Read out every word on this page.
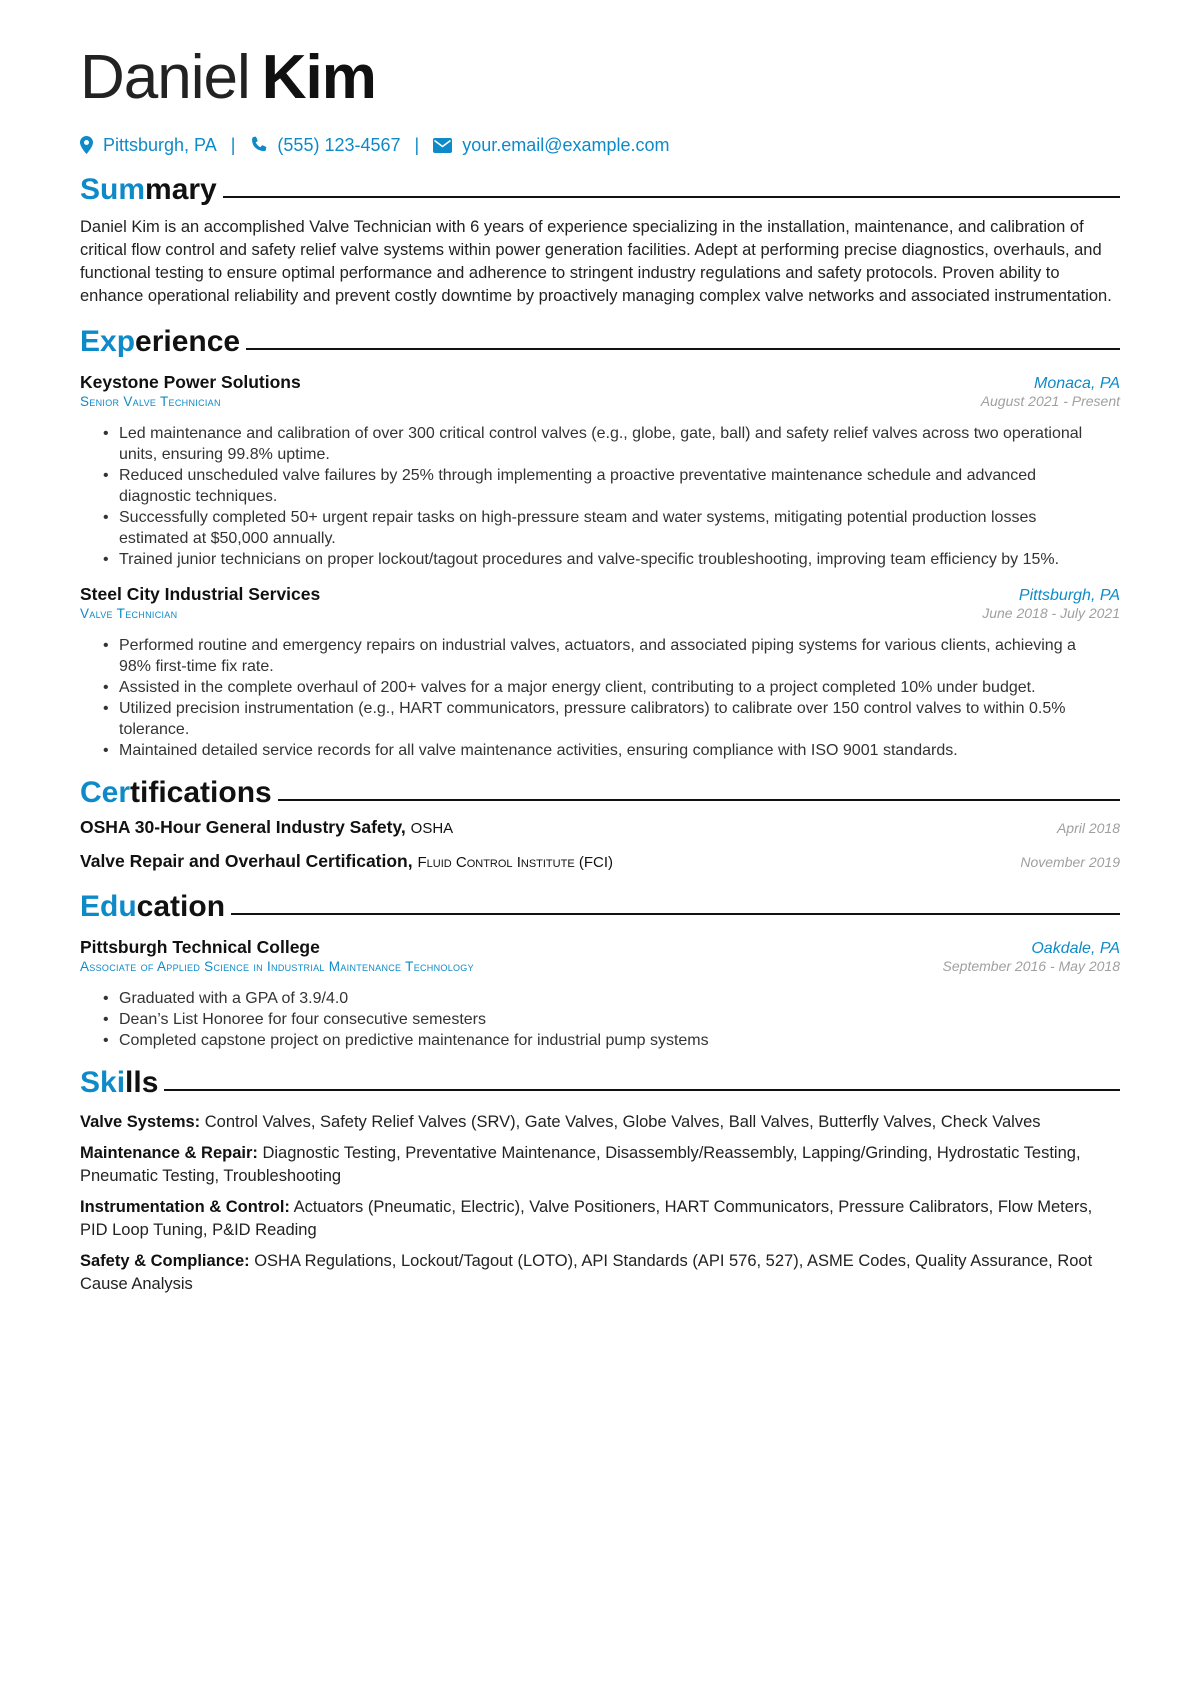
Daniel Kim
Pittsburgh, PA | (555) 123-4567 | your.email@example.com
Summary
Daniel Kim is an accomplished Valve Technician with 6 years of experience specializing in the installation, maintenance, and calibration of critical flow control and safety relief valve systems within power generation facilities. Adept at performing precise diagnostics, overhauls, and functional testing to ensure optimal performance and adherence to stringent industry regulations and safety protocols. Proven ability to enhance operational reliability and prevent costly downtime by proactively managing complex valve networks and associated instrumentation.
Experience
Keystone Power Solutions	Monaca, PA
Senior Valve Technician	August 2021 - Present
• Led maintenance and calibration of over 300 critical control valves (e.g., globe, gate, ball) and safety relief valves across two operational units, ensuring 99.8% uptime.
• Reduced unscheduled valve failures by 25% through implementing a proactive preventative maintenance schedule and advanced diagnostic techniques.
• Successfully completed 50+ urgent repair tasks on high-pressure steam and water systems, mitigating potential production losses estimated at $50,000 annually.
• Trained junior technicians on proper lockout/tagout procedures and valve-specific troubleshooting, improving team efficiency by 15%.
Steel City Industrial Services	Pittsburgh, PA
Valve Technician	June 2018 - July 2021
• Performed routine and emergency repairs on industrial valves, actuators, and associated piping systems for various clients, achieving a 98% first-time fix rate.
• Assisted in the complete overhaul of 200+ valves for a major energy client, contributing to a project completed 10% under budget.
• Utilized precision instrumentation (e.g., HART communicators, pressure calibrators) to calibrate over 150 control valves to within 0.5% tolerance.
• Maintained detailed service records for all valve maintenance activities, ensuring compliance with ISO 9001 standards.
Certifications
OSHA 30-Hour General Industry Safety, OSHA	April 2018
Valve Repair and Overhaul Certification, Fluid Control Institute (FCI)	November 2019
Education
Pittsburgh Technical College	Oakdale, PA
Associate of Applied Science in Industrial Maintenance Technology	September 2016 - May 2018
• Graduated with a GPA of 3.9/4.0
• Dean’s List Honoree for four consecutive semesters
• Completed capstone project on predictive maintenance for industrial pump systems
Skills
Valve Systems: Control Valves, Safety Relief Valves (SRV), Gate Valves, Globe Valves, Ball Valves, Butterfly Valves, Check Valves
Maintenance & Repair: Diagnostic Testing, Preventative Maintenance, Disassembly/Reassembly, Lapping/Grinding, Hydrostatic Testing, Pneumatic Testing, Troubleshooting
Instrumentation & Control: Actuators (Pneumatic, Electric), Valve Positioners, HART Communicators, Pressure Calibrators, Flow Meters, PID Loop Tuning, P&ID Reading
Safety & Compliance: OSHA Regulations, Lockout/Tagout (LOTO), API Standards (API 576, 527), ASME Codes, Quality Assurance, Root Cause Analysis
